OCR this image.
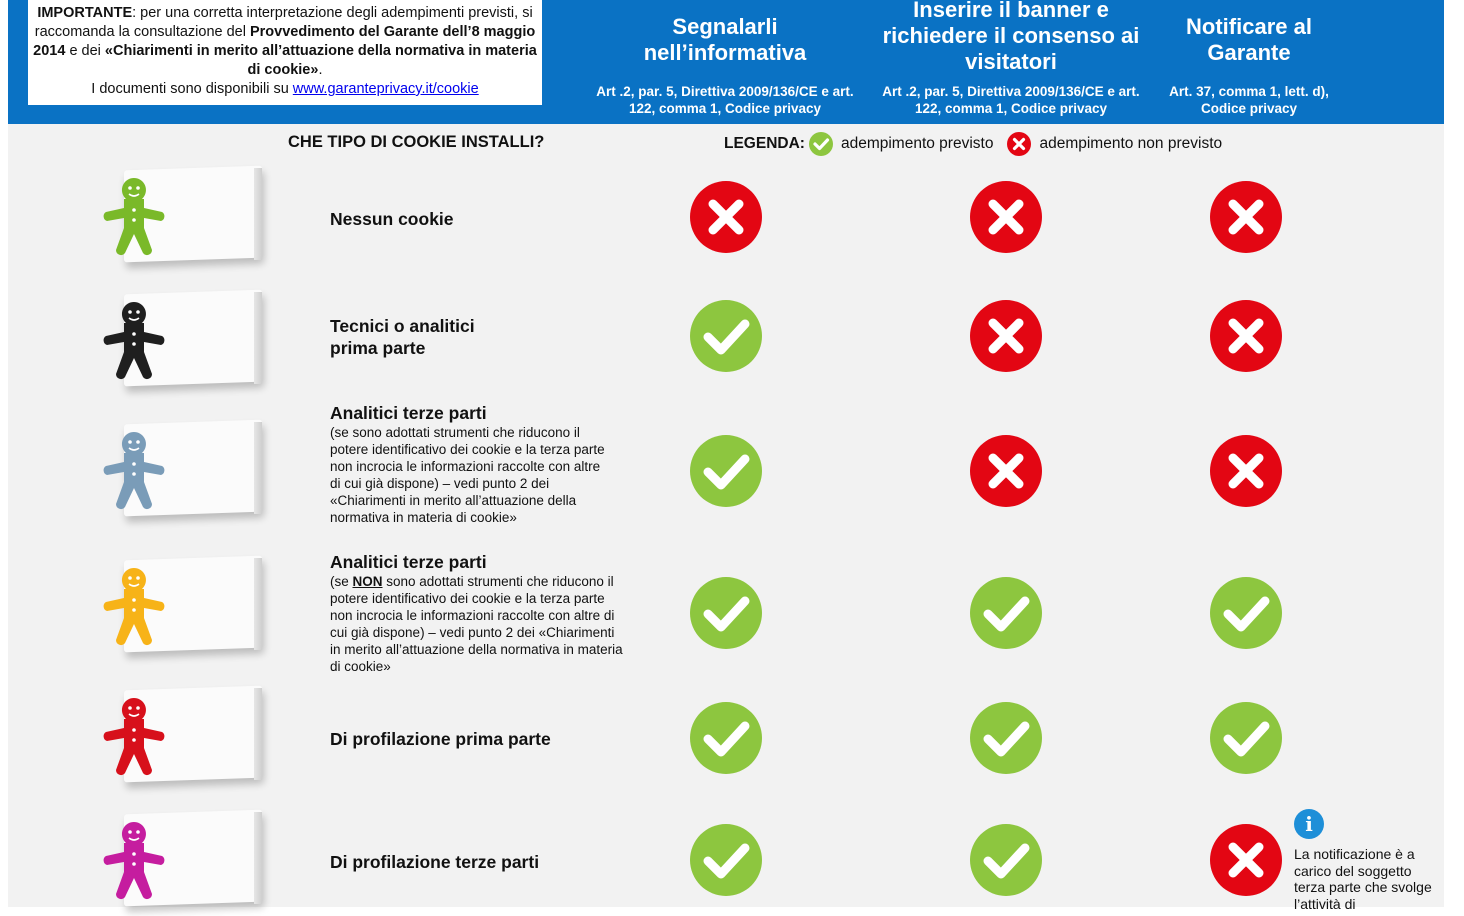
IMPORTANTE: per una corretta interpretazione degli adempimenti previsti, si raccomanda la consultazione del Provvedimento del Garante dell’8 maggio 2014 e dei «Chiarimenti in merito all’attuazione della normativa in materia di cookie».
I documenti sono disponibili su www.garanteprivacy.it/cookie
Segnalarli nell’informativa
Art .2, par. 5, Direttiva 2009/136/CE e art. 122, comma 1, Codice privacy
Inserire il banner e richiedere il consenso ai visitatori
Art .2, par. 5, Direttiva 2009/136/CE e art. 122, comma 1, Codice privacy
Notificare al Garante
Art. 37, comma 1, lett. d), Codice privacy
CHE TIPO DI COOKIE INSTALLI?	LEGENDA: adempimento previsto	adempimento non previsto
Nessun cookie
Tecnici o analitici prima parte
Analitici terze parti
(se sono adottati strumenti che riducono il potere identificativo dei cookie e la terza parte non incrocia le informazioni raccolte con altre di cui già dispone) – vedi punto 2 dei «Chiarimenti in merito all’attuazione della normativa in materia di cookie»
Analitici terze parti
(se NON sono adottati strumenti che riducono il potere identificativo dei cookie e la terza parte non incrocia le informazioni raccolte con altre di cui già dispone) – vedi punto 2 dei «Chiarimenti in merito all’attuazione della normativa in materia di cookie»
Di profilazione prima parte
Di profilazione terze parti
i
La notificazione è a carico del soggetto terza parte che svolge l’attività di
